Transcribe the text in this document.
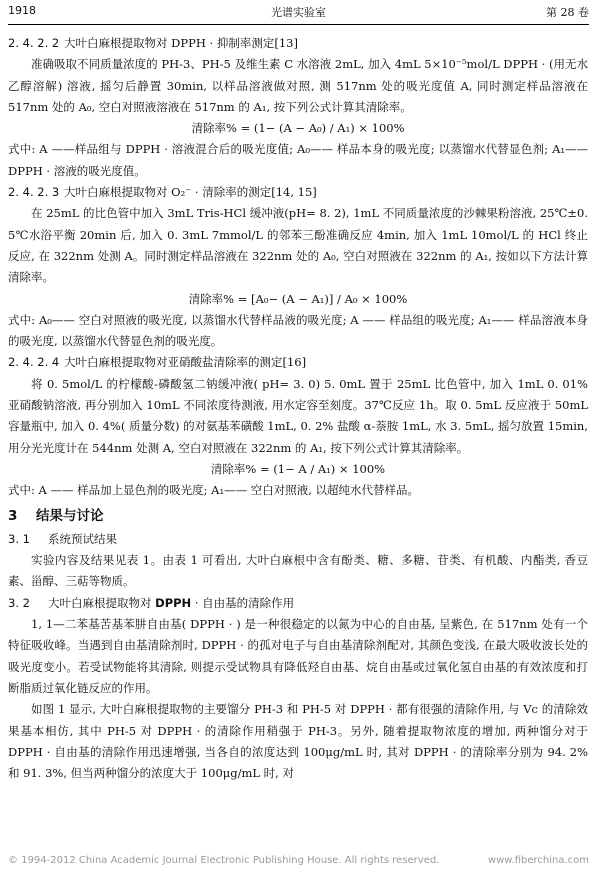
1918	光谱实验室	第 28 卷

2. 4. 2. 2 大叶白麻根提取物对 DPPH · 抑制率测定[13]

准确吸取不同质量浓度的 PH-3、PH-5 及维生素 C 水溶液 2mL, 加入 4mL 5×10⁻⁵mol/L DPPH · (用无水乙醇溶解) 溶液, 摇匀后静置 30min, 以样品溶液做对照, 测 517nm 处的吸光度值 A, 同时测定样品溶液在 517nm 处的 A₀, 空白对照液溶液在 517nm 的 A₁, 按下列公式计算其清除率。

清除率% = (1− (A − A₀) / A₁) × 100%

式中: A ——样品组与 DPPH · 溶液混合后的吸光度值; A₀—— 样品本身的吸光度; 以蒸馏水代替显色剂; A₁——DPPH · 溶液的吸光度值。

2. 4. 2. 3 大叶白麻根提取物对 O₂⁻ · 清除率的测定[14, 15]

在 25mL 的比色管中加入 3mL Tris-HCl 缓冲液(pH= 8. 2), 1mL 不同质量浓度的沙棘果粉溶液, 25℃±0. 5℃水浴平衡 20min 后, 加入 0. 3mL 7mmol/L 的邻苯三酚准确反应 4min, 加入 1mL 10mol/L 的 HCl 终止反应, 在 322nm 处测 A。同时测定样品溶液在 322nm 处的 A₀, 空白对照液在 322nm 的 A₁, 按如以下方法计算清除率。

清除率% = [A₀− (A − A₁)] / A₀ × 100%

式中: A₀—— 空白对照液的吸光度, 以蒸馏水代替样品液的吸光度; A —— 样品组的吸光度; A₁—— 样品溶液本身的吸光度, 以蒸馏水代替显色剂的吸光度。

2. 4. 2. 4 大叶白麻根提取物对亚硝酸盐清除率的测定[16]

将 0. 5mol/L 的柠檬酸-磷酸氢二钠缓冲液( pH= 3. 0) 5. 0mL 置于 25mL 比色管中, 加入 1mL 0. 01% 亚硝酸钠溶液, 再分别加入 10mL 不同浓度待测液, 用水定容至刻度。37℃反应 1h。取 0. 5mL 反应液于 50mL 容量瓶中, 加入 0. 4%( 质量分数) 的对氨基苯磺酸 1mL, 0. 2% 盐酸 α-萘胺 1mL, 水 3. 5mL, 摇匀放置 15min, 用分光光度计在 544nm 处测 A, 空白对照液在 322nm 的 A₁, 按下列公式计算其清除率。

清除率% = (1− A / A₁) × 100%

式中: A —— 样品加上显色剂的吸光度; A₁—— 空白对照液, 以超纯水代替样品。

3 结果与讨论

3. 1 系统预试结果

实验内容及结果见表 1。由表 1 可看出, 大叶白麻根中含有酚类、糖、多糖、苷类、有机酸、内酯类, 香豆素、甾醇、三萜等物质。

3. 2 大叶白麻根提取物对 DPPH · 自由基的清除作用

1, 1—二苯基苦基苯肼自由基( DPPH · ) 是一种很稳定的以氮为中心的自由基, 呈紫色, 在 517nm 处有一个特征吸收峰。当遇到自由基清除剂时, DPPH · 的孤对电子与自由基清除剂配对, 其颜色变浅, 在最大吸收波长处的吸光度变小。若受试物能将其清除, 则提示受试物具有降低羟自由基、烷自由基或过氧化氢自由基的有效浓度和打断脂质过氧化链反应的作用。

如图 1 显示, 大叶白麻根提取物的主要馏分 PH-3 和 PH-5 对 DPPH · 都有很强的清除作用, 与 Vc 的清除效果基本相仿, 其中 PH-5 对 DPPH · 的清除作用稍强于 PH-3。另外, 随着提取物浓度的增加, 两种馏分对于 DPPH · 自由基的清除作用迅速增强, 当各自的浓度达到 100μg/mL 时, 其对 DPPH · 的清除率分别为 94. 2% 和 91. 3%, 但当两种馏分的浓度大于 100μg/mL 时, 对

© 1994-2012 China Academic Journal Electronic Publishing House. All rights reserved.	www.fiberchina.com
